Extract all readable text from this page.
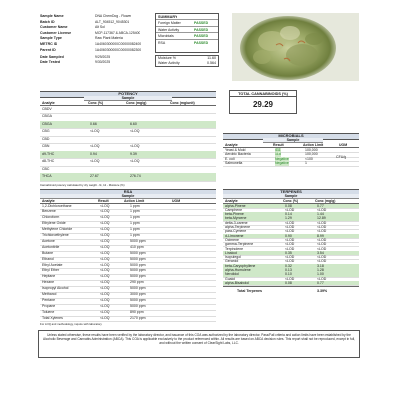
Sample Name	DNA ChemDog - Flower
Batch ID	ALT_904512_9045301
Customer Name	Alt Sol
Customer License	MCP-117367 & ABCA-125400
Sample Type	Raw Plant Material
METRC ID	1A4060300000C00000082400
Parent ID	1A4060300000C00000082300
Date Sampled	9/29/2025
Date Tested	9/30/2025
SUMMARY
Foreign Matter	PASSED
Water Activity	PASSED
Microbials	PASSED
RSA	PASSED
Moisture %	11.60
Water Activity	0.564
TOTAL CANNABINOIDS (%)
29.29
POTENCY
Sample
Analyte	Conc (%)	Conc (mg/g)	Conc (mg/unit)
CBDV
CBGA
CBGA	0.66	6.60
CBG	<LOQ	<LOQ
CBD
CBN	<LOQ	<LOQ
d9-THC	0.94	9.39
d8-THC	<LOQ	<LOQ
CBC
THCA	27.67	276.74
Cannabinoid potency calculated by dry weight - fk, 12 - Moisture (%)
MICROBIALS
Sample
Analyte	Result	Action Limit	UOM
Yeast & Mold	411	100,000
Aerobic Bacteria	1Ld	100,000
E. coli	Negative	<100
Salmonella	Negative	1
CFU/g
RSA
Sample
Analyte	Result	Action Limit	UOM
1,2-Dichloroethane	<LOQ	1 ppm
Benzene	<LOQ	1 ppm
Chloroform	<LOQ	1 ppm
Ethylene Oxide	<LOQ	1 ppm
Methylene Chloride	<LOQ	1 ppm
Trichloroethylene	<LOQ	1 ppm
Acetone	<LOQ	5000 ppm
Acetonitrile	<LOQ	410 ppm
Butane	<LOQ	5000 ppm
Ethanol	<LOQ	5000 ppm
Ethyl Acetate	<LOQ	5000 ppm
Ethyl Ether	<LOQ	5000 ppm
Heptane	<LOQ	5000 ppm
Hexane	<LOQ	290 ppm
Isopropyl Alcohol	<LOQ	5000 ppm
Methanol	<LOQ	3000 ppm
Pentane	<LOQ	5000 ppm
Propane	<LOQ	5000 ppm
Toluene	<LOQ	890 ppm
Total Xylenes	<LOQ	2170 ppm
For LOQ and methodology, inquire with laboratory.
TERPENES
Sample
Analyte	Conc (%)	Conc (mg/g)
alpha-Pinene	0.08	0.77
Camphene	<LOD	<LOD
beta-Pinene	0.14	1.44
beta-Myrcene	1.29	12.89
delta-3-carene	<LOD	<LOD
alpha-Terpinene	<LOD	<LOD
para-Cymene	<LOD	<LOD
d-Limonene	0.90	8.99
Ocimene	<LOD	<LOD
gamma-Terpinene	<LOD	<LOD
Terpinolene	<LOD	<LOD
Linalool	0.35	3.54
Isopulegol	<LOD	<LOD
Geraniol	<LOD	<LOD
beta-Caryophyllene	0.32	3.18
alpha-Humulene	0.13	1.28
Nerolidol	0.10	1.00
Guaiol	<LOD	<LOD
alpha-Bisabolol	0.08	0.77
Total Terpenes	3.39%
Unless stated otherwise, these results have been verified by the laboratory director, and issuance of this COA was authorized by the laboratory director. Pass/Fail criteria and action limits have been established by the Alcoholic Beverage and Cannabis Administration (ABCA). This COA is applicable exclusively to the product referenced within. All results are based on ABCA decision rules. This report shall not be reproduced, except in full, and without the written consent of ClearSight Labs, LLC.
